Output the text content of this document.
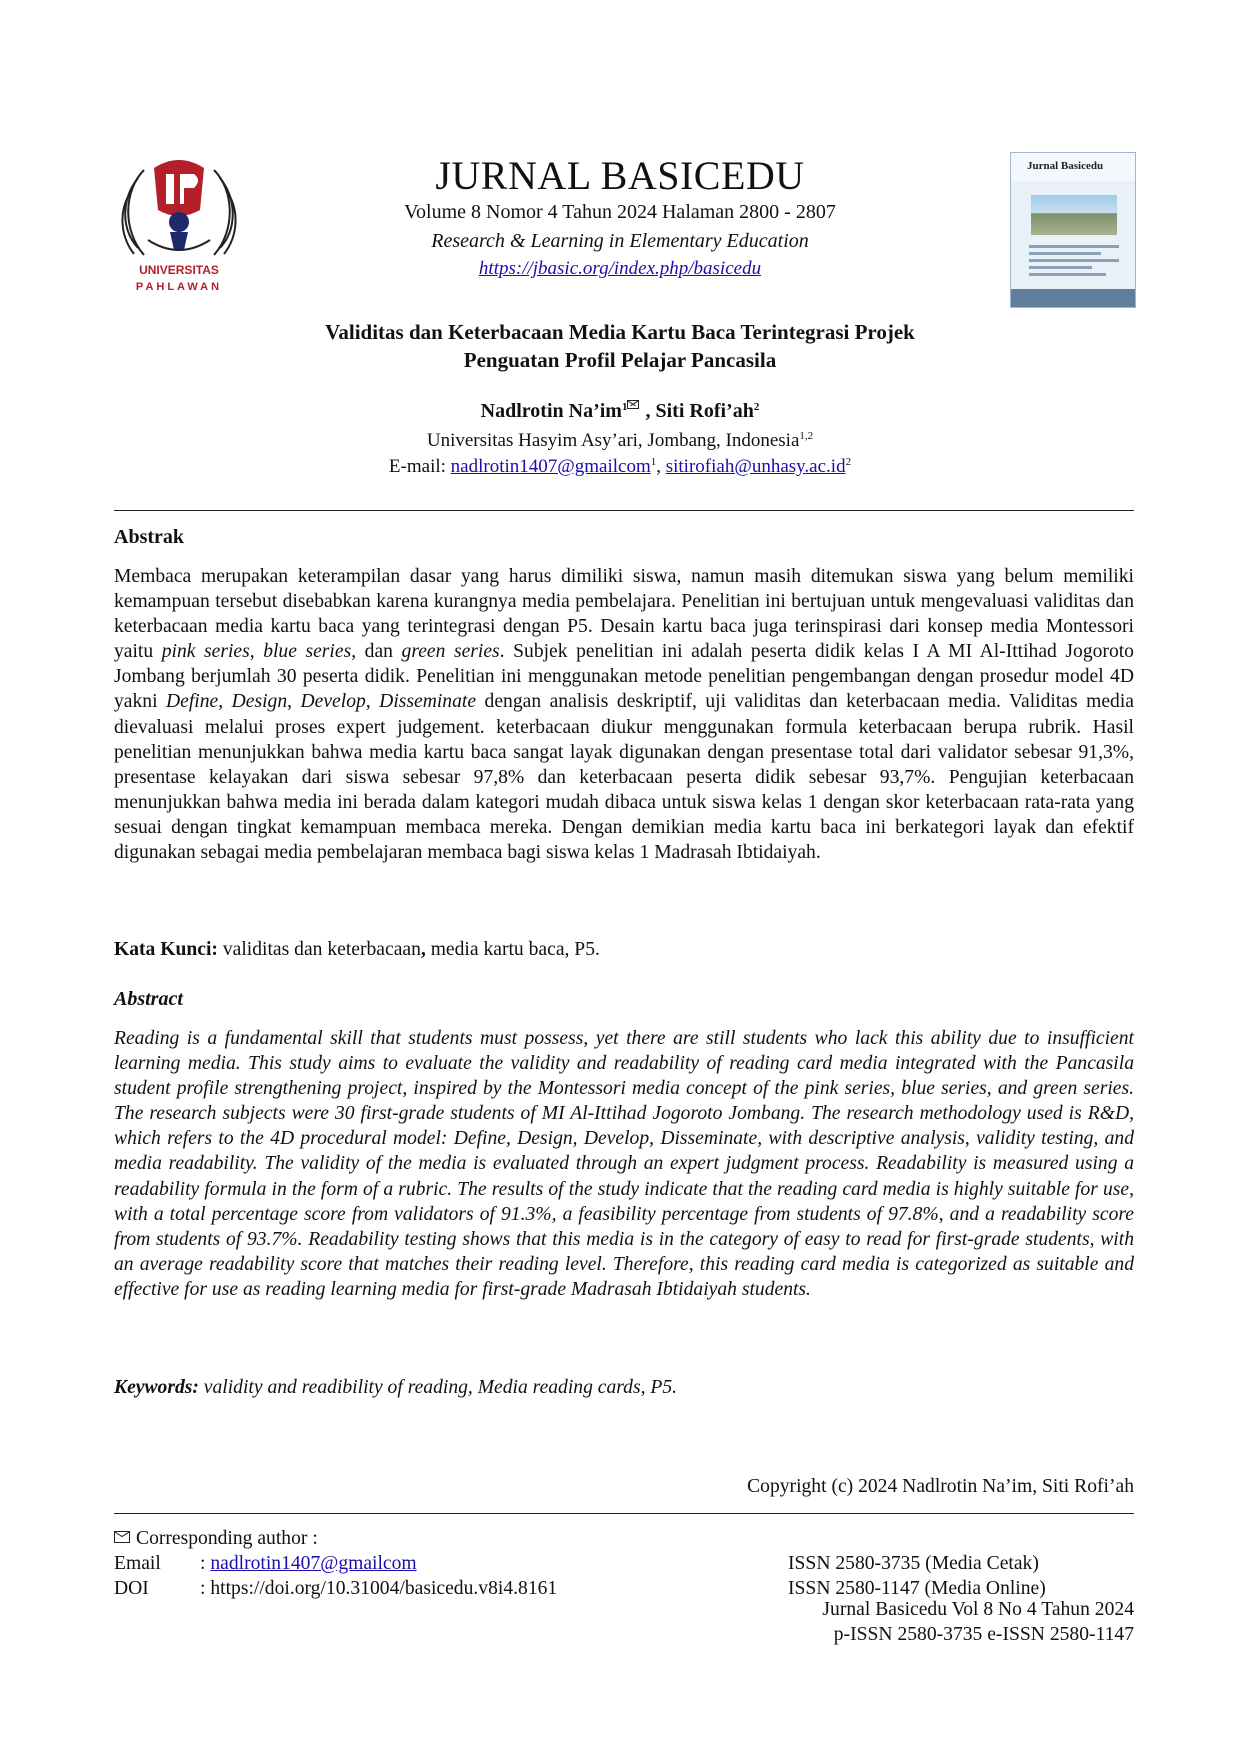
UNIVERSITAS
PAHLAWAN
Jurnal Basicedu
JURNAL BASICEDU
Volume 8 Nomor 4 Tahun 2024 Halaman 2800 - 2807
Research & Learning in Elementary Education
https://jbasic.org/index.php/basicedu
Validitas dan Keterbacaan Media Kartu Baca Terintegrasi Projek
Penguatan Profil Pelajar Pancasila
Nadlrotin $Na’im^1$ , Siti $Rofi’ah^2$
Universitas Hasyim Asy’ari, Jombang, Indonesia$^{1,2}$
E-mail: nadlrotin1407@gmailcom$^1$, $sitirofiah@unhasy.ac.id^2$
Abstrak
Membaca merupakan keterampilan dasar yang harus dimiliki siswa, namun masih ditemukan siswa yang belum memiliki kemampuan tersebut disebabkan karena kurangnya media pembelajara. Penelitian ini bertujuan untuk mengevaluasi validitas dan keterbacaan media kartu baca yang terintegrasi dengan P5. Desain kartu baca juga terinspirasi dari konsep media Montessori yaitu pink series, blue series, dan green series. Subjek penelitian ini adalah peserta didik kelas I A MI Al-Ittihad Jogoroto Jombang berjumlah 30 peserta didik. Penelitian ini menggunakan metode penelitian pengembangan dengan prosedur model 4D yakni Define, Design, Develop, Disseminate dengan analisis deskriptif, uji validitas dan keterbacaan media. Validitas media dievaluasi melalui proses expert judgement. keterbacaan diukur menggunakan formula keterbacaan berupa rubrik. Hasil penelitian menunjukkan bahwa media kartu baca sangat layak digunakan dengan presentase total dari validator sebesar 91,3%, presentase kelayakan dari siswa sebesar 97,8% dan keterbacaan peserta didik sebesar 93,7%. Pengujian keterbacaan menunjukkan bahwa media ini berada dalam kategori mudah dibaca untuk siswa kelas 1 dengan skor keterbacaan rata-rata yang sesuai dengan tingkat kemampuan membaca mereka. Dengan demikian media kartu baca ini berkategori layak dan efektif digunakan sebagai media pembelajaran membaca bagi siswa kelas 1 Madrasah Ibtidaiyah.
Kata Kunci: validitas dan keterbacaan, media kartu baca, P5.
Abstract
Reading is a fundamental skill that students must possess, yet there are still students who lack this ability due to insufficient learning media. This study aims to evaluate the validity and readability of reading card media integrated with the Pancasila student profile strengthening project, inspired by the Montessori media concept of the pink series, blue series, and green series. The research subjects were 30 first-grade students of MI Al-Ittihad Jogoroto Jombang. The research methodology used is R&D, which refers to the 4D procedural model: Define, Design, Develop, Disseminate, with descriptive analysis, validity testing, and media readability. The validity of the media is evaluated through an expert judgment process. Readability is measured using a readability formula in the form of a rubric. The results of the study indicate that the reading card media is highly suitable for use, with a total percentage score from validators of 91.3%, a feasibility percentage from students of 97.8%, and a readability score from students of 93.7%. Readability testing shows that this media is in the category of easy to read for first-grade students, with an average readability score that matches their reading level. Therefore, this reading card media is categorized as suitable and effective for use as reading learning media for first-grade Madrasah Ibtidaiyah students.
Keywords: validity and readibility of reading, Media reading cards, P5.
Copyright (c) 2024 Nadlrotin Na’im, Siti Rofi’ah
Corresponding author :
Email : nadlrotin1407@gmailcom
DOI	: https://doi.org/10.31004/basicedu.v8i4.8161
ISSN 2580-3735 (Media Cetak)
ISSN 2580-1147 (Media Online)
Jurnal Basicedu Vol 8 No 4 Tahun 2024
p-ISSN 2580-3735 e-ISSN 2580-1147
